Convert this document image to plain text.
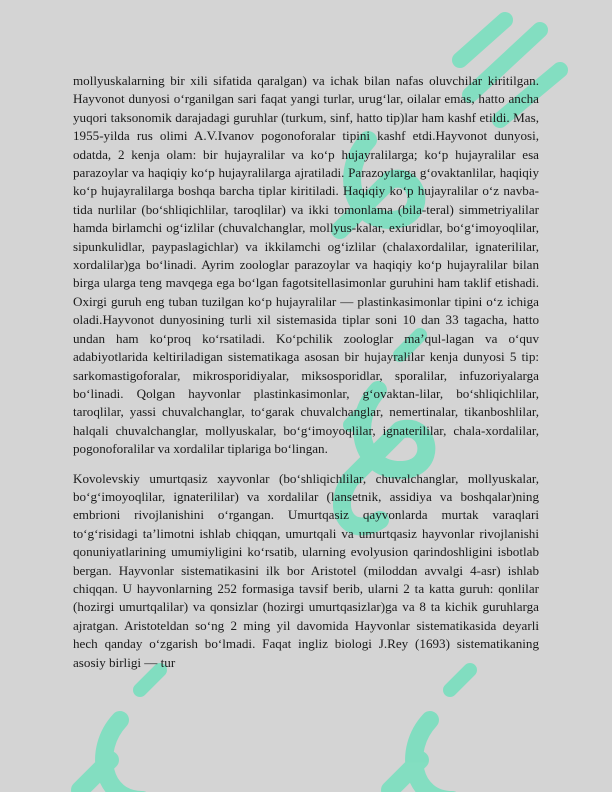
mollyuskalarning bir xili sifatida qaralgan) va ichak bilan nafas oluvchilar kiritilgan. Hayvonot dunyosi o‘rganilgan sari faqat yangi turlar, urug‘lar, oilalar emas, hatto ancha yuqori taksonomik darajadagi guruhlar (turkum, sinf, hatto tip)lar ham kashf etildi. Mas, 1955-yilda rus olimi A.V.Ivanov pogonoforalar tipini kashf etdi.Hayvonot dunyosi, odatda, 2 kenja olam: bir hujayralilar va ko‘p hujayralilarga; ko‘p hujayralilar esa parazoylar va haqiqiy ko‘p hujayralilarga ajratiladi. Parazoylarga g‘ovaktanlilar, haqiqiy ko‘p hujayralilarga boshqa barcha tiplar kiritiladi. Haqiqiy ko‘p hujayralilar o‘z navba-tida nurlilar (bo‘shliqichlilar, taroqlilar) va ikki tomonlama (bila-teral) simmetriyalilar hamda birlamchi og‘izlilar (chuvalchanglar, mollyus-kalar, exiuridlar, bo‘g‘imoyoqlilar, sipunkulidlar, paypaslagichlar) va ikkilamchi og‘izlilar (chalaxordalilar, ignaterililar, xordalilar)ga bo‘linadi. Ayrim zoologlar parazoylar va haqiqiy ko‘p hujayralilar bilan birga ularga teng mavqega ega bo‘lgan fagotsitellasimonlar guruhini ham taklif etishadi. Oxirgi guruh eng tuban tuzilgan ko‘p hujayralilar — plastinkasimonlar tipini o‘z ichiga oladi.Hayvonot dunyosining turli xil sistemasida tiplar soni 10 dan 33 tagacha, hatto undan ham ko‘proq ko‘rsatiladi. Ko‘pchilik zoologlar ma’qul-lagan va o‘quv adabiyotlarida keltiriladigan sistematikaga asosan bir hujayralilar kenja dunyosi 5 tip: sarkomastigoforalar, mikrosporidiyalar, miksosporidlar, sporalilar, infuzoriyalarga bo‘linadi. Qolgan hayvonlar plastinkasimonlar, g‘ovaktan-lilar, bo‘shliqichlilar, taroqlilar, yassi chuvalchanglar, to‘garak chuvalchanglar, nemertinalar, tikanboshlilar, halqali chuvalchanglar, mollyuskalar, bo‘g‘imoyoqlilar, ignaterililar, chala-xordalilar, pogonoforalilar va xordalilar tiplariga bo‘lingan.

Kovolevskiy umurtqasiz xayvonlar (bo‘shliqichlilar, chuvalchanglar, mollyuskalar, bo‘g‘imoyoqlilar, ignaterililar) va xordalilar (lansetnik, assidiya va boshqalar)ning embrioni rivojlanishini o‘rgangan. Umurtqasiz qayvonlarda murtak varaqlari to‘g‘risidagi ta’limotni ishlab chiqqan, umurtqali va umurtqasiz hayvonlar rivojlanishi qonuniyatlarining umumiyligini ko‘rsatib, ularning evolyusion qarindoshligini isbotlab bergan. Hayvonlar sistematikasini ilk bor Aristotel (miloddan avvalgi 4-asr) ishlab chiqqan. U hayvonlarning 252 formasiga tavsif berib, ularni 2 ta katta guruh: qonlilar (hozirgi umurtqalilar) va qonsizlar (hozirgi umurtqasizlar)ga va 8 ta kichik guruhlarga ajratgan. Aristoteldan so‘ng 2 ming yil davomida Hayvonlar sistematikasida deyarli hech qanday o‘zgarish bo‘lmadi. Faqat ingliz biologi J.Rey (1693) sistematikaning asosiy birligi — tur
